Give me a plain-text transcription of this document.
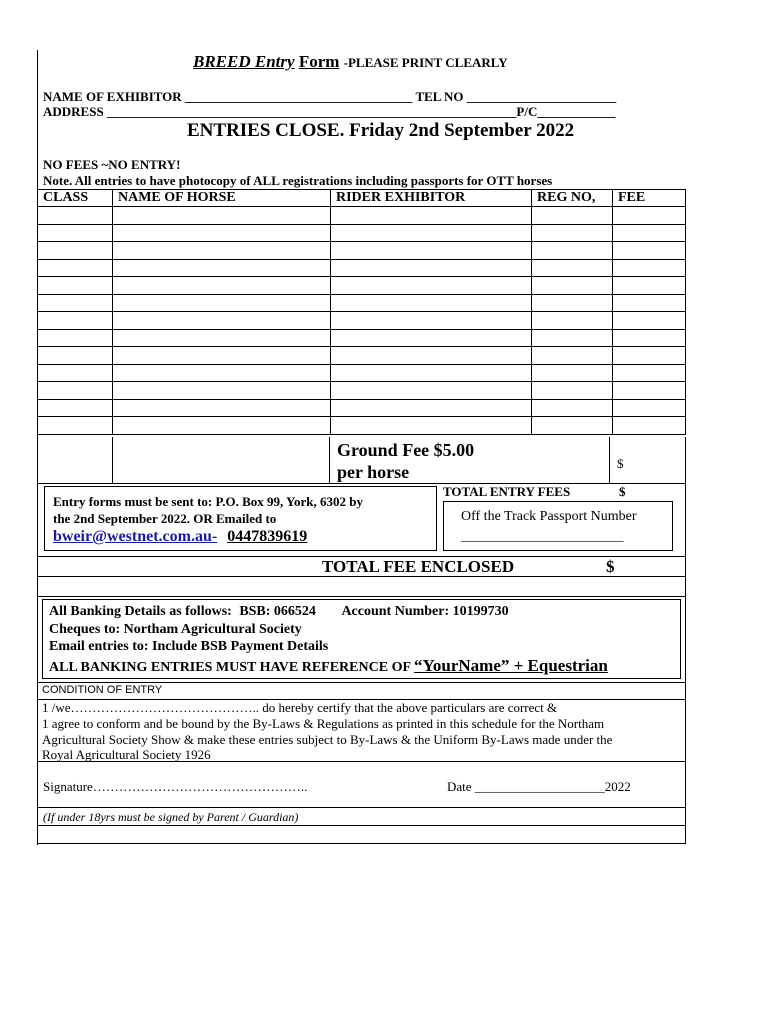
BREED Entry Form -PLEASE PRINT CLEARLY
NAME OF EXHIBITOR ___________________________________ TEL NO _______________________
ADDRESS _______________________________________________________________P/C____________
ENTRIES CLOSE. Friday 2nd September 2022
NO FEES ~NO ENTRY!
Note. All entries to have photocopy of ALL registrations including passports for OTT horses
CLASS	NAME OF HORSE	RIDER EXHIBITOR	REG NO,	FEE

Ground Fee $5.00
per horse	$
Entry forms must be sent to: P.O. Box 99, York, 6302 by
the 2nd September 2022. OR Emailed to
bweir@westnet.com.au- 0447839619
TOTAL ENTRY FEES	$
Off the Track Passport Number
_________________________
TOTAL FEE ENCLOSED	$
All Banking Details as follows: BSB: 066524 Account Number: 10199730
Cheques to: Northam Agricultural Society
Email entries to: Include BSB Payment Details
ALL BANKING ENTRIES MUST HAVE REFERENCE OF “YourName” + Equestrian
CONDITION OF ENTRY
1 /we…………………………………….. do hereby certify that the above particulars are correct &
1 agree to conform and be bound by the By-Laws & Regulations as printed in this schedule for the Northam
Agricultural Society Show & make these entries subject to By-Laws & the Uniform By-Laws made under the
Royal Agricultural Society 1926
Signature…………………………………………..	Date ____________________2022
(If under 18yrs must be signed by Parent / Guardian)
